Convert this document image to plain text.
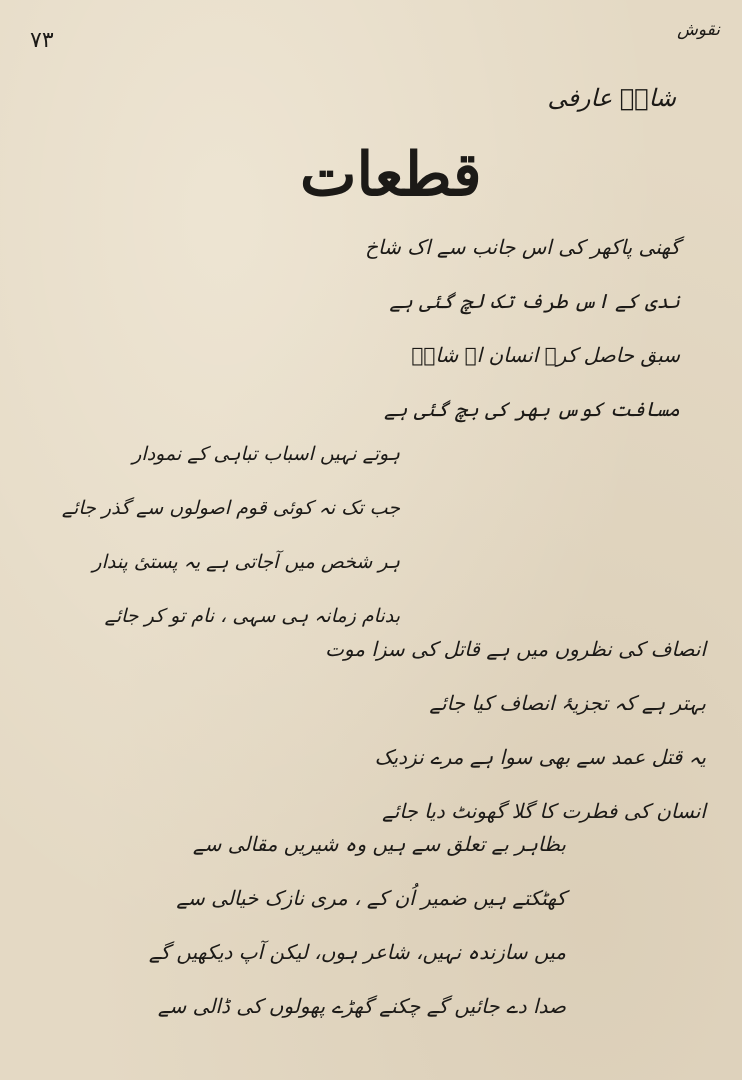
۷۳	نقوش
شادؔ عارفی
قطعات
گھنی پاکھر کی اس جانب سے اک شاخ
ندی کے اس طرف تک لچ گئی ہے
سبق حاصل کرے انسان اے شادؔ
مسافت کوس بھر کی بچ گئی ہے
ہوتے نہیں اسباب تباہی کے نمودار
جب تک نہ کوئی قوم اصولوں سے گذر جائے
ہر شخص میں آجاتی ہے یہ پستیٔ پندار
بدنام زمانہ ہی سہی ، نام تو کر جائے
انصاف کی نظروں میں ہے قاتل کی سزا موت
بہتر ہے کہ تجزیۂ انصاف کیا جائے
یہ قتل عمد سے بھی سوا ہے مرے نزدیک
انسان کی فطرت کا گلا گھونٹ دیا جائے
بظاہر بے تعلق سے ہیں وہ شیریں مقالی سے
کھٹکتے ہیں ضمیر اُن کے ، مری نازک خیالی سے
میں سازندہ نہیں، شاعر ہوں، لیکن آپ دیکھیں گے
صدا دے جائیں گے چکنے گھڑے پھولوں کی ڈالی سے
